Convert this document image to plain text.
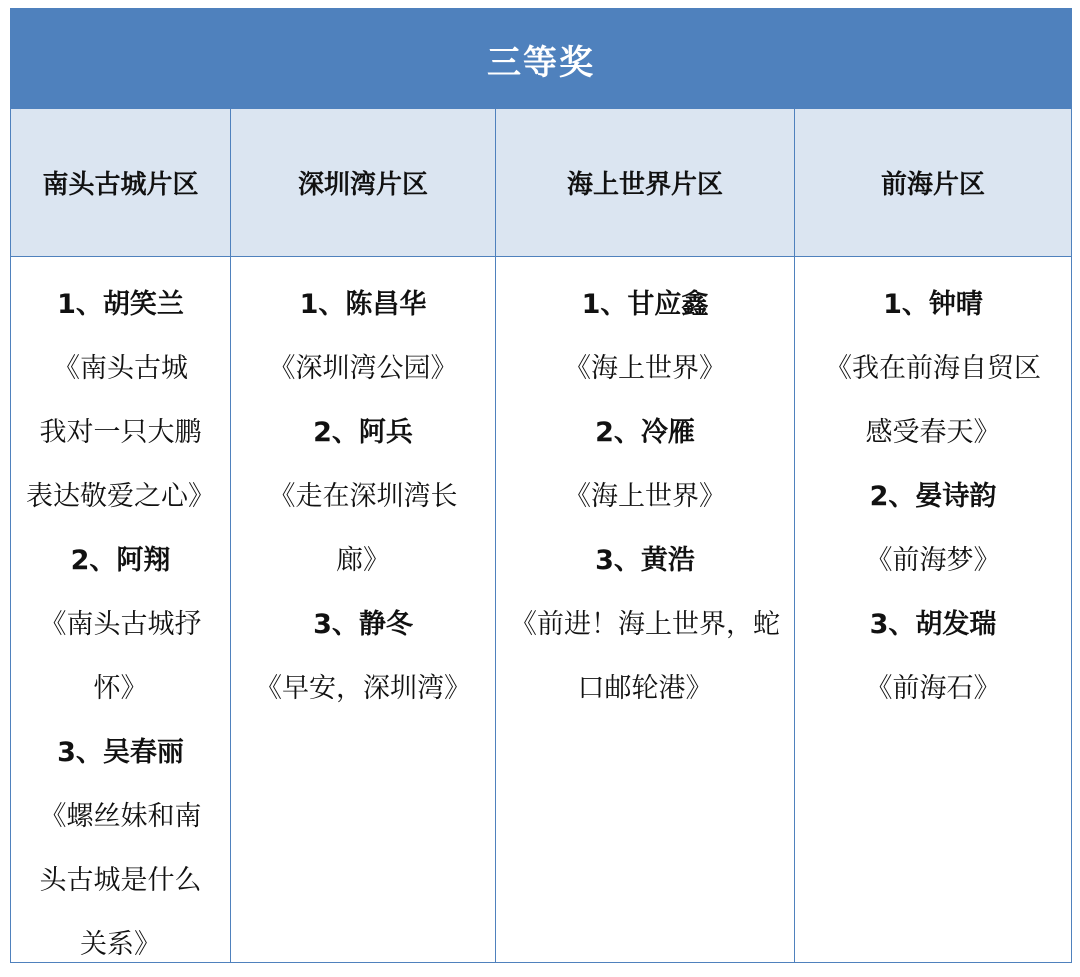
三等奖
南头古城片区
1、胡笑兰
《南头古城
我对一只大鹏
表达敬爱之心》
2、阿翔
《南头古城抒
怀》
3、吴春丽
《螺丝妹和南
头古城是什么
关系》
深圳湾片区
1、陈昌华
《深圳湾公园》
2、阿兵
《走在深圳湾长
廊》
3、静冬
《早安，深圳湾》
海上世界片区
1、甘应鑫
《海上世界》
2、冷雁
《海上世界》
3、黄浩
《前进！海上世界，蛇
口邮轮港》
前海片区
1、钟晴
《我在前海自贸区
感受春天》
2、晏诗韵
《前海梦》
3、胡发瑞
《前海石》
